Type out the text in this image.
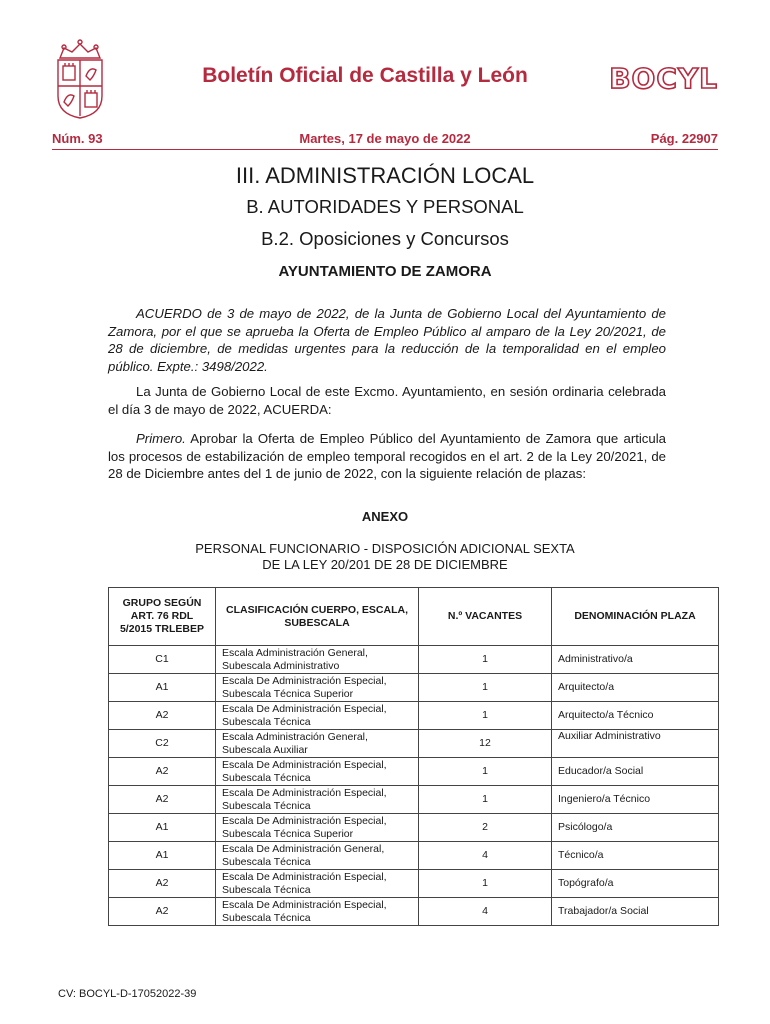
Boletín Oficial de Castilla y León	BOCYL
Núm. 93	Martes, 17 de mayo de 2022	Pág. 22907
III. ADMINISTRACIÓN LOCAL
B. AUTORIDADES Y PERSONAL
B.2. Oposiciones y Concursos
AYUNTAMIENTO DE ZAMORA
ACUERDO de 3 de mayo de 2022, de la Junta de Gobierno Local del Ayuntamiento de Zamora, por el que se aprueba la Oferta de Empleo Público al amparo de la Ley 20/2021, de 28 de diciembre, de medidas urgentes para la reducción de la temporalidad en el empleo público. Expte.: 3498/2022.
La Junta de Gobierno Local de este Excmo. Ayuntamiento, en sesión ordinaria celebrada el día 3 de mayo de 2022, ACUERDA:
Primero. Aprobar la Oferta de Empleo Público del Ayuntamiento de Zamora que articula los procesos de estabilización de empleo temporal recogidos en el art. 2 de la Ley 20/2021, de 28 de Diciembre antes del 1 de junio de 2022, con la siguiente relación de plazas:
ANEXO
PERSONAL FUNCIONARIO - DISPOSICIÓN ADICIONAL SEXTA
DE LA LEY 20/201 DE 28 DE DICIEMBRE
GRUPO SEGÚN ART. 76 RDL 5/2015 TRLEBEP	CLASIFICACIÓN CUERPO, ESCALA, SUBESCALA	N.º VACANTES	DENOMINACIÓN PLAZA
C1	Escala Administración General, Subescala Administrativo	1	Administrativo/a
A1	Escala De Administración Especial, Subescala Técnica Superior	1	Arquitecto/a
A2	Escala De Administración Especial, Subescala Técnica	1	Arquitecto/a Técnico
C2	Escala Administración General, Subescala Auxiliar	12	Auxiliar Administrativo
A2	Escala De Administración Especial, Subescala Técnica	1	Educador/a Social
A2	Escala De Administración Especial, Subescala Técnica	1	Ingeniero/a Técnico
A1	Escala De Administración Especial, Subescala Técnica Superior	2	Psicólogo/a
A1	Escala De Administración General, Subescala Técnica	4	Técnico/a
A2	Escala De Administración Especial, Subescala Técnica	1	Topógrafo/a
A2	Escala De Administración Especial, Subescala Técnica	4	Trabajador/a Social
CV: BOCYL-D-17052022-39
